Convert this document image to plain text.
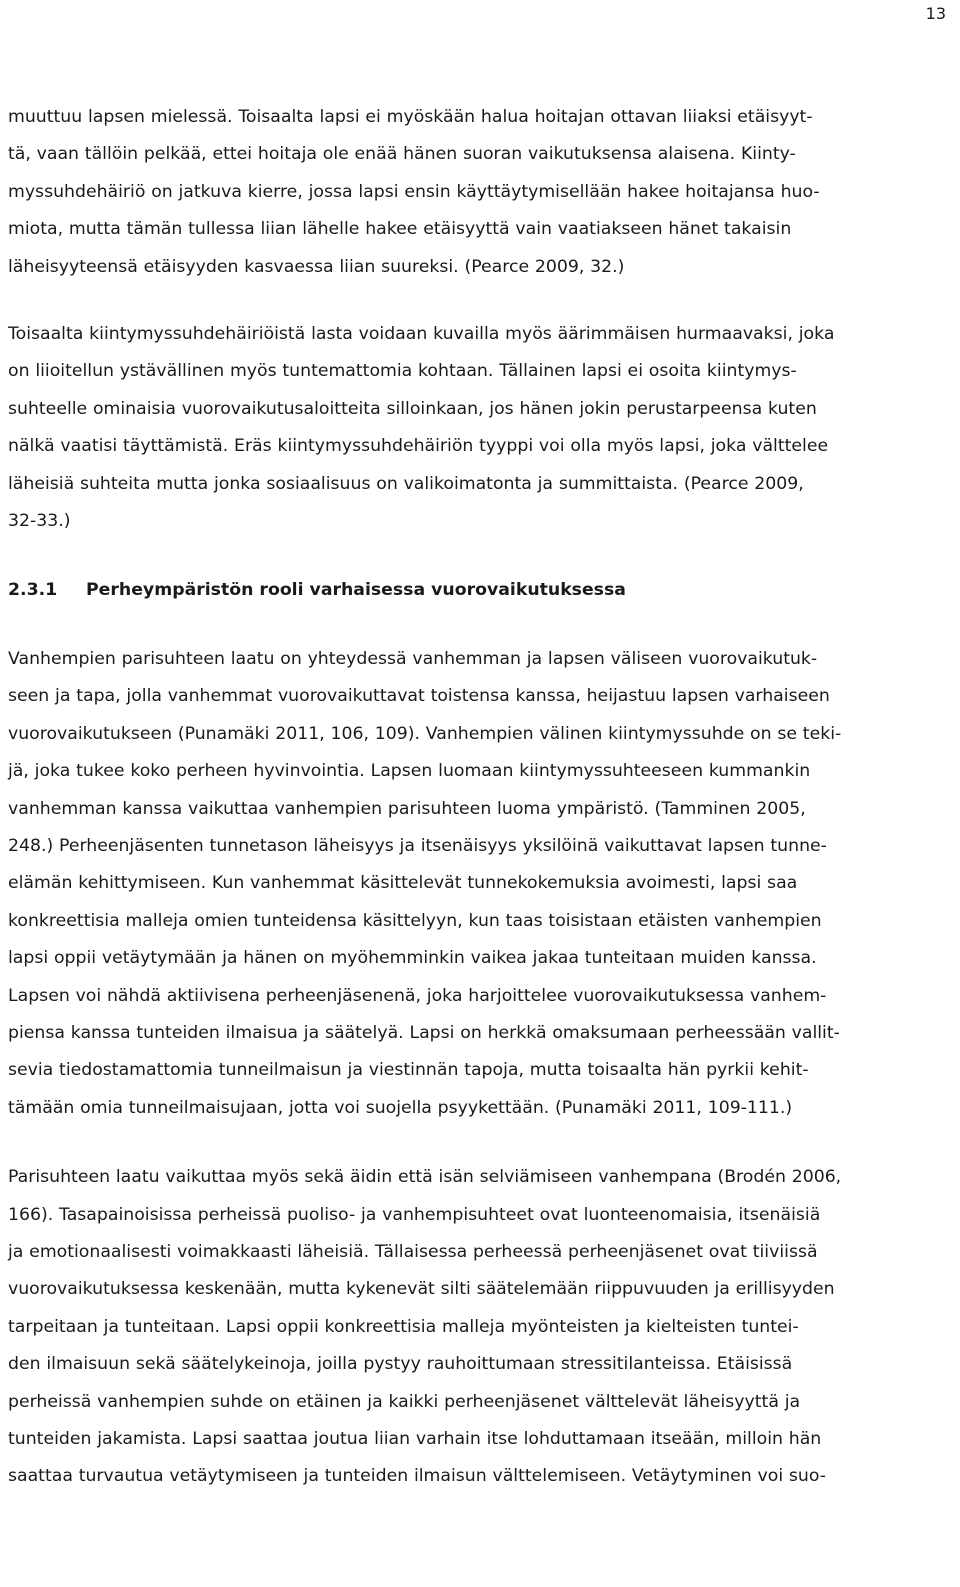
13

muuttuu lapsen mielessä. Toisaalta lapsi ei myöskään halua hoitajan ottavan liiaksi etäisyyt-
tä, vaan tällöin pelkää, ettei hoitaja ole enää hänen suoran vaikutuksensa alaisena. Kiinty-
myssuhdehäiriö on jatkuva kierre, jossa lapsi ensin käyttäytymisellään hakee hoitajansa huo-
miota, mutta tämän tullessa liian lähelle hakee etäisyyttä vain vaatiakseen hänet takaisin
läheisyyteensä etäisyyden kasvaessa liian suureksi. (Pearce 2009, 32.)

Toisaalta kiintymyssuhdehäiriöistä lasta voidaan kuvailla myös äärimmäisen hurmaavaksi, joka
on liioitellun ystävällinen myös tuntemattomia kohtaan. Tällainen lapsi ei osoita kiintymys-
suhteelle ominaisia vuorovaikutusaloitteita silloinkaan, jos hänen jokin perustarpeensa kuten
nälkä vaatisi täyttämistä. Eräs kiintymyssuhdehäiriön tyyppi voi olla myös lapsi, joka välttelee
läheisiä suhteita mutta jonka sosiaalisuus on valikoimatonta ja summittaista. (Pearce 2009,
32-33.)

2.3.1 Perheympäristön rooli varhaisessa vuorovaikutuksessa

Vanhempien parisuhteen laatu on yhteydessä vanhemman ja lapsen väliseen vuorovaikutuk-
seen ja tapa, jolla vanhemmat vuorovaikuttavat toistensa kanssa, heijastuu lapsen varhaiseen
vuorovaikutukseen (Punamäki 2011, 106, 109). Vanhempien välinen kiintymyssuhde on se teki-
jä, joka tukee koko perheen hyvinvointia. Lapsen luomaan kiintymyssuhteeseen kummankin
vanhemman kanssa vaikuttaa vanhempien parisuhteen luoma ympäristö. (Tamminen 2005,
248.) Perheenjäsenten tunnetason läheisyys ja itsenäisyys yksilöinä vaikuttavat lapsen tunne-
elämän kehittymiseen. Kun vanhemmat käsittelevät tunnekokemuksia avoimesti, lapsi saa
konkreettisia malleja omien tunteidensa käsittelyyn, kun taas toisistaan etäisten vanhempien
lapsi oppii vetäytymään ja hänen on myöhemminkin vaikea jakaa tunteitaan muiden kanssa.
Lapsen voi nähdä aktiivisena perheenjäsenenä, joka harjoittelee vuorovaikutuksessa vanhem-
piensa kanssa tunteiden ilmaisua ja säätelyä. Lapsi on herkkä omaksumaan perheessään vallit-
sevia tiedostamattomia tunneilmaisun ja viestinnän tapoja, mutta toisaalta hän pyrkii kehit-
tämään omia tunneilmaisujaan, jotta voi suojella psyykettään. (Punamäki 2011, 109-111.)

Parisuhteen laatu vaikuttaa myös sekä äidin että isän selviämiseen vanhempana (Brodén 2006,
166). Tasapainoisissa perheissä puoliso- ja vanhempisuhteet ovat luonteenomaisia, itsenäisiä
ja emotionaalisesti voimakkaasti läheisiä. Tällaisessa perheessä perheenjäsenet ovat tiiviissä
vuorovaikutuksessa keskenään, mutta kykenevät silti säätelemään riippuvuuden ja erillisyyden
tarpeitaan ja tunteitaan. Lapsi oppii konkreettisia malleja myönteisten ja kielteisten tuntei-
den ilmaisuun sekä säätelykeinoja, joilla pystyy rauhoittumaan stressitilanteissa. Etäisissä
perheissä vanhempien suhde on etäinen ja kaikki perheenjäsenet välttelevät läheisyyttä ja
tunteiden jakamista. Lapsi saattaa joutua liian varhain itse lohduttamaan itseään, milloin hän
saattaa turvautua vetäytymiseen ja tunteiden ilmaisun välttelemiseen. Vetäytyminen voi suo-
